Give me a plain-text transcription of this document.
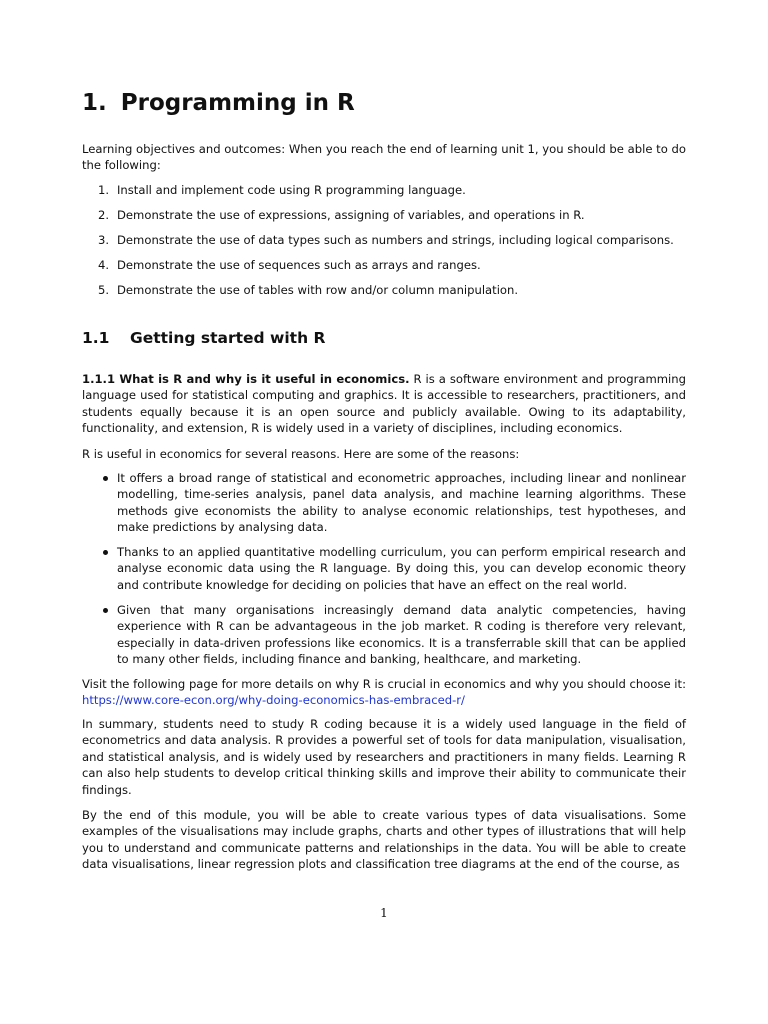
1. Programming in R

Learning objectives and outcomes: When you reach the end of learning unit 1, you should be able to do the following:

1. Install and implement code using R programming language.
2. Demonstrate the use of expressions, assigning of variables, and operations in R.
3. Demonstrate the use of data types such as numbers and strings, including logical comparisons.
4. Demonstrate the use of sequences such as arrays and ranges.
5. Demonstrate the use of tables with row and/or column manipulation.
1.1 Getting started with R

1.1.1 What is R and why is it useful in economics. R is a software environment and programming language used for statistical computing and graphics. It is accessible to researchers, practitioners, and students equally because it is an open source and publicly available. Owing to its adaptability, functionality, and extension, R is widely used in a variety of disciplines, including economics.

R is useful in economics for several reasons. Here are some of the reasons:

It offers a broad range of statistical and econometric approaches, including linear and nonlinear modelling, time-series analysis, panel data analysis, and machine learning algorithms. These methods give economists the ability to analyse economic relationships, test hypotheses, and make predictions by analysing data.
Thanks to an applied quantitative modelling curriculum, you can perform empirical research and analyse economic data using the R language. By doing this, you can develop economic theory and contribute knowledge for deciding on policies that have an effect on the real world.
Given that many organisations increasingly demand data analytic competencies, having experience with R can be advantageous in the job market. R coding is therefore very relevant, especially in data-driven professions like economics. It is a transferrable skill that can be applied to many other fields, including finance and banking, healthcare, and marketing.

Visit the following page for more details on why R is crucial in economics and why you should choose it: https://www.core-econ.org/why-doing-economics-has-embraced-r/

In summary, students need to study R coding because it is a widely used language in the field of econometrics and data analysis. R provides a powerful set of tools for data manipulation, visualisation, and statistical analysis, and is widely used by researchers and practitioners in many fields. Learning R can also help students to develop critical thinking skills and improve their ability to communicate their findings.

By the end of this module, you will be able to create various types of data visualisations. Some examples of the visualisations may include graphs, charts and other types of illustrations that will help you to understand and communicate patterns and relationships in the data. You will be able to create data visualisations, linear regression plots and classification tree diagrams at the end of the course, as

1
